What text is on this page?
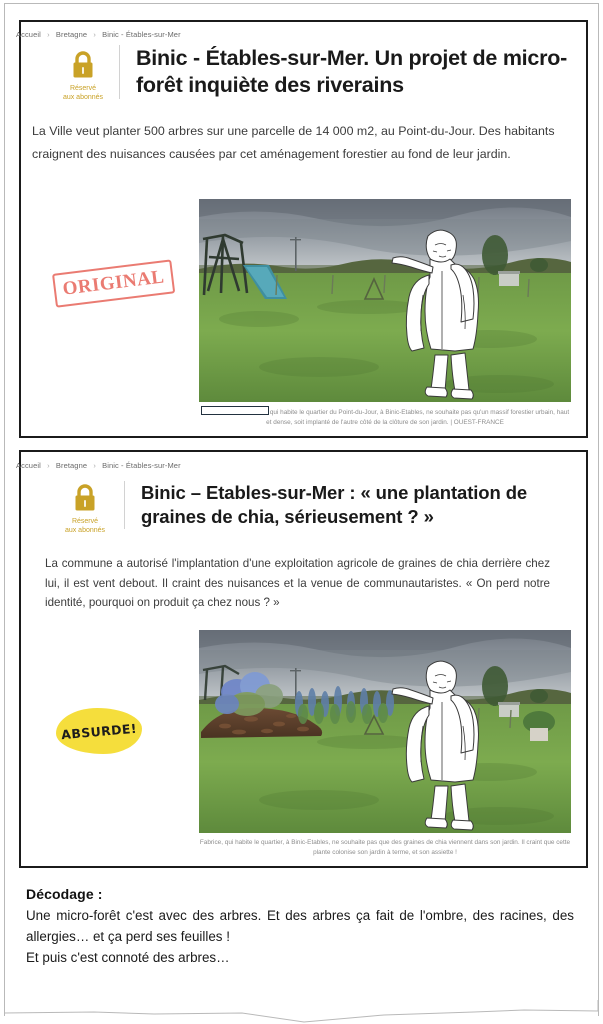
Accueil › Bretagne › Binic - Étables-sur-Mer
Réservé
aux abonnés
Binic - Étables-sur-Mer. Un projet de micro-forêt inquiète des riverains

La Ville veut planter 500 arbres sur une parcelle de 14 000 m2, au Point-du-Jour. Des habitants craignent des nuisances causées par cet aménagement forestier au fond de leur jardin.

qui habite le quartier du Point-du-Jour, à Binic-Etables, ne souhaite pas qu'un massif forestier urbain, haut et dense, soit implanté de l'autre côté de la clôture de son jardin. | OUEST-FRANCE
ORIGINAL
Accueil › Bretagne › Binic - Étables-sur-Mer
Réservé
aux abonnés
Binic – Etables-sur-Mer : « une plantation de graines de chia, sérieusement ? »

La commune a autorisé l'implantation d'une exploitation agricole de graines de chia derrière chez lui, il est vent debout. Il craint des nuisances et la venue de communautaristes. « On perd notre identité, pourquoi on produit ça chez nous ? »

Fabrice, qui habite le quartier, à Binic-Etables, ne souhaite pas que des graines de chia viennent dans son jardin. Il craint que cette plante colonise son jardin à terme, et son assiette !
ABSURDE!
Décodage :
Une micro-forêt c'est avec des arbres. Et des arbres ça fait de l'ombre, des racines, des allergies… et ça perd ses feuilles !
Et puis c'est connoté des arbres…
